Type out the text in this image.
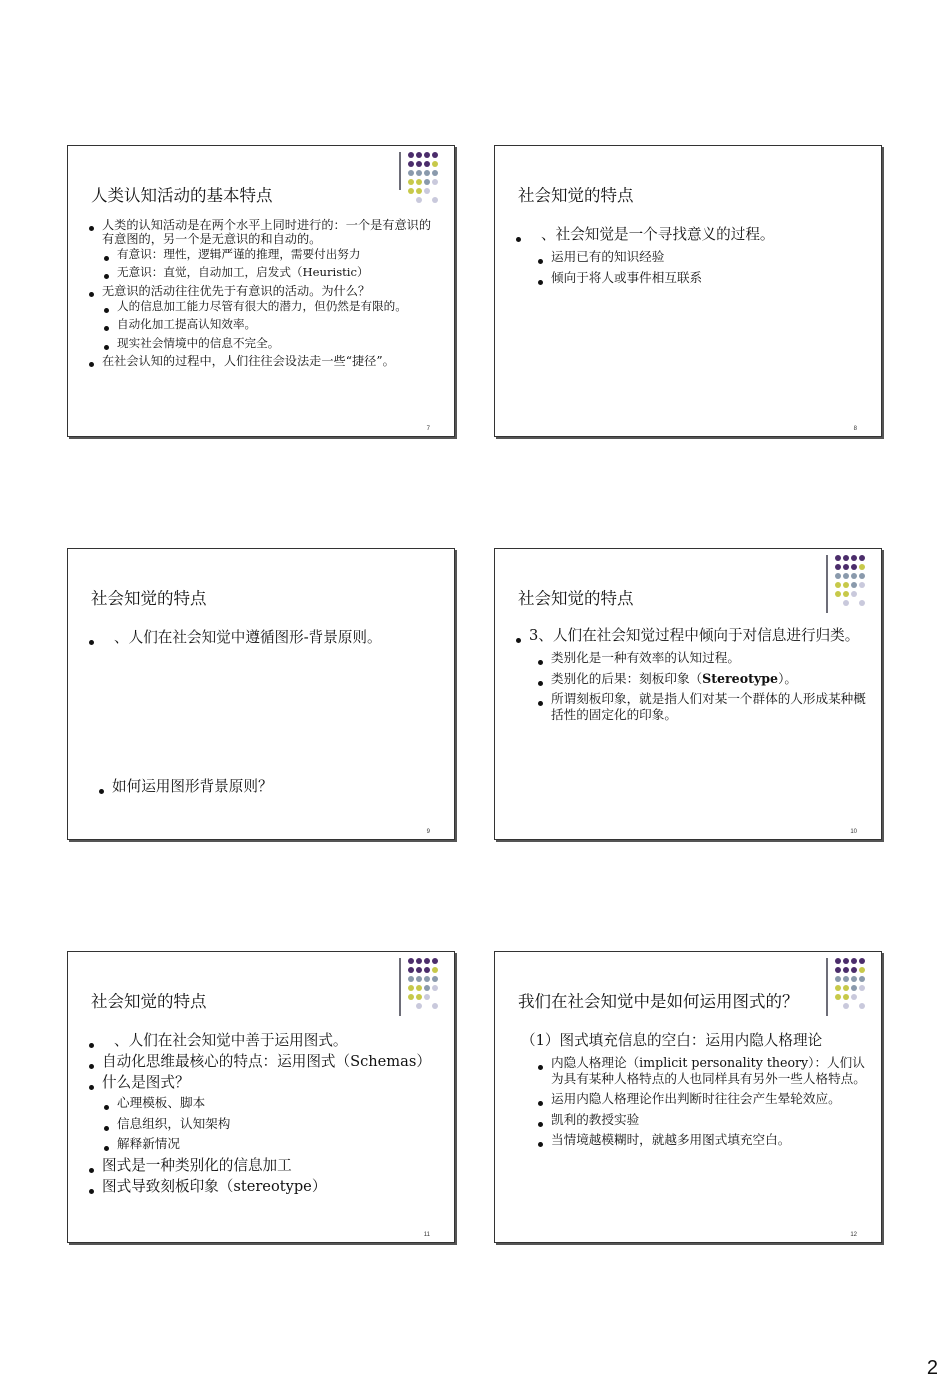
人类认知活动的基本特点

人类的认知活动是在两个水平上同时进行的：一个是有意识的有意图的，另一个是无意识的和自动的。

有意识：理性，逻辑严谨的推理，需要付出努力

无意识：直觉，自动加工，启发式（Heuristic）

无意识的活动往往优先于有意识的活动。为什么？

人的信息加工能力尽管有很大的潜力，但仍然是有限的。

自动化加工提高认知效率。

现实社会情境中的信息不完全。

在社会认知的过程中，人们往往会设法走一些“捷径”。

7
社会知觉的特点

、社会知觉是一个寻找意义的过程。

运用已有的知识经验

倾向于将人或事件相互联系

8
社会知觉的特点

、人们在社会知觉中遵循图形-背景原则。

如何运用图形背景原则？

9
社会知觉的特点

3、人们在社会知觉过程中倾向于对信息进行归类。

类别化是一种有效率的认知过程。

类别化的后果：刻板印象（Stereotype）。

所谓刻板印象，就是指人们对某一个群体的人形成某种概括性的固定化的印象。

10
社会知觉的特点

、人们在社会知觉中善于运用图式。

自动化思维最核心的特点：运用图式（Schemas）

什么是图式？

心理模板、脚本

信息组织，认知架构

解释新情况

图式是一种类别化的信息加工

图式导致刻板印象（stereotype）

11
我们在社会知觉中是如何运用图式的？

（1）图式填充信息的空白：运用内隐人格理论

内隐人格理论（implicit personality theory）：人们认为具有某种人格特点的人也同样具有另外一些人格特点。

运用内隐人格理论作出判断时往往会产生晕轮效应。

凯利的教授实验

当情境越模糊时，就越多用图式填充空白。

12
2
